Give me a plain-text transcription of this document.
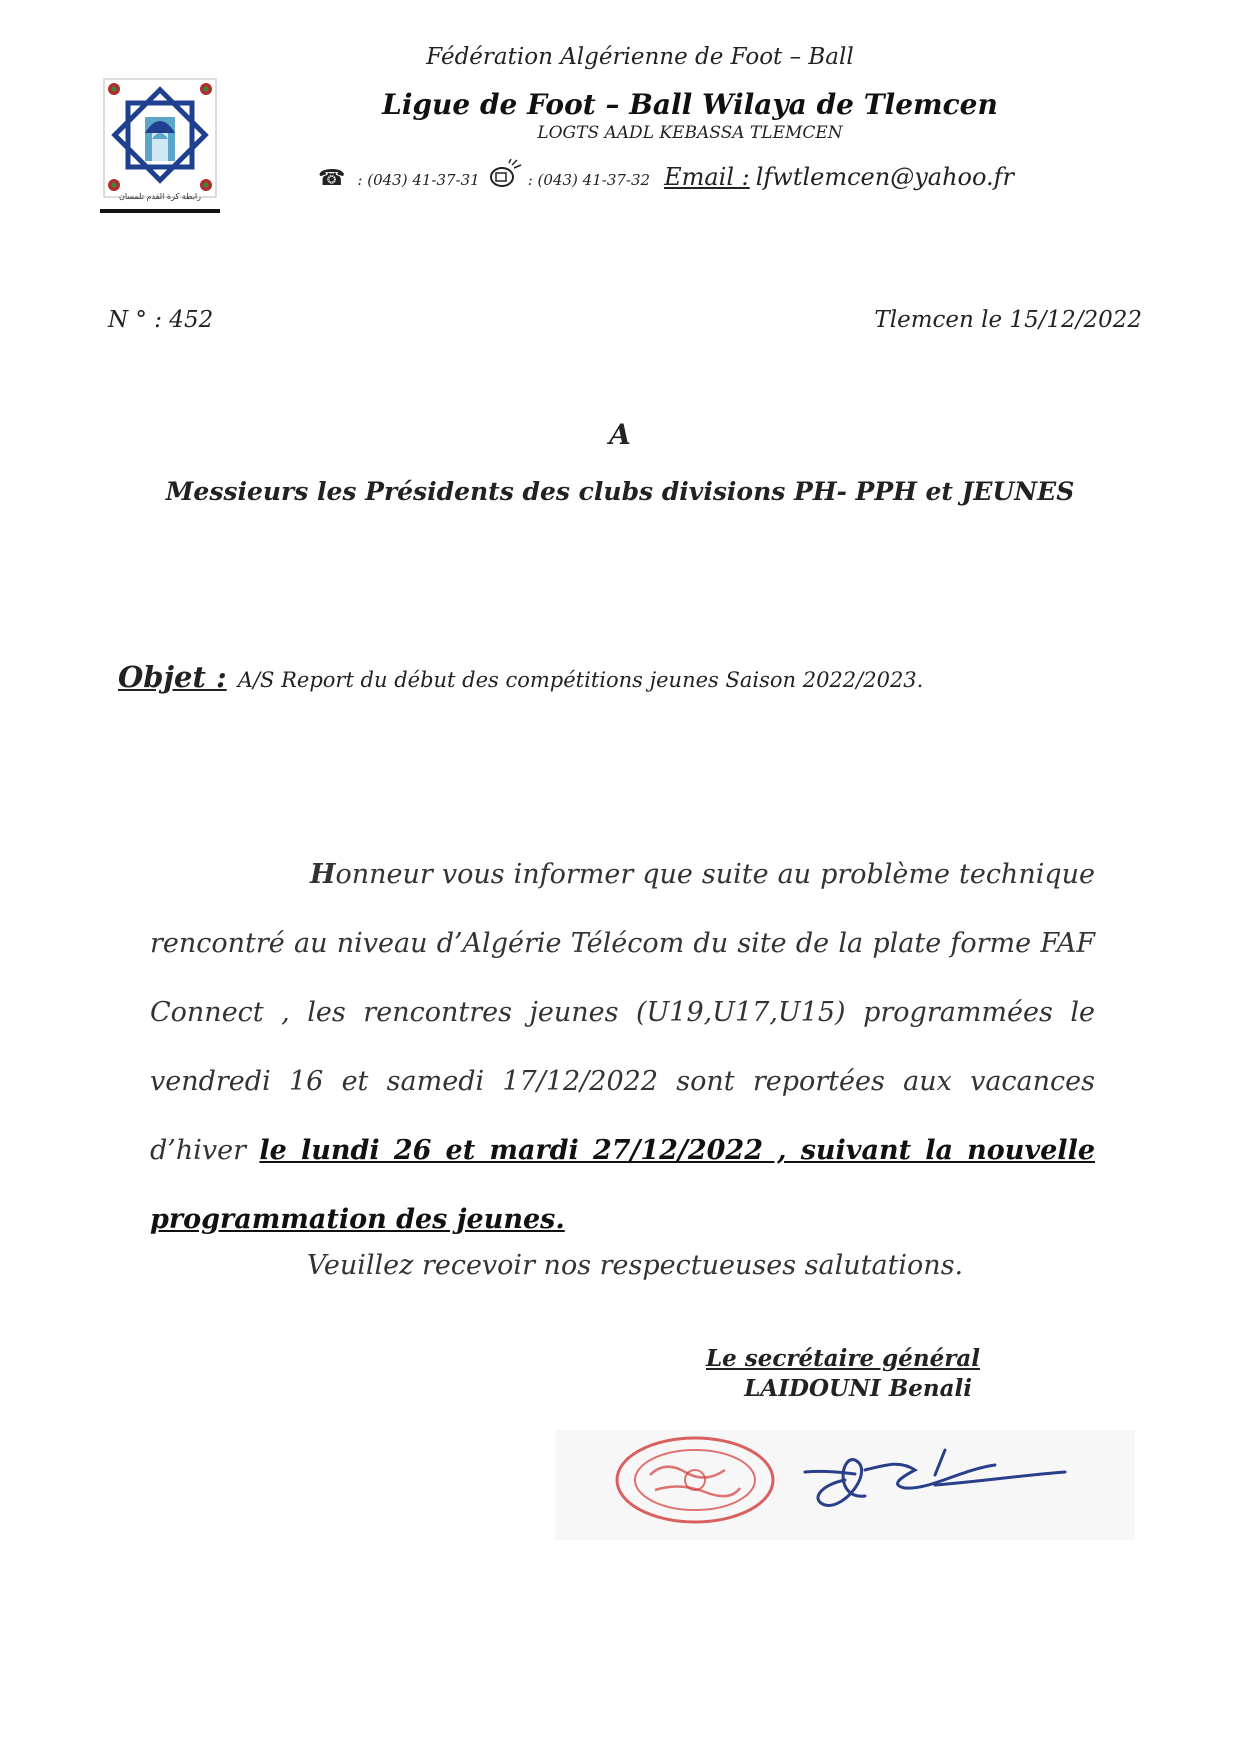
رابطة كرة القدم تلمسان
Fédération Algérienne de Foot – Ball
Ligue de Foot – Ball Wilaya de Tlemcen
LOGTS AADL KEBASSA TLEMCEN
☎ : (043) 41-37-31	: (043) 41-37-32 Email : lfwtlemcen@yahoo.fr
N ° : 452	Tlemcen le 15/12/2022
A
Messieurs les Présidents des clubs divisions PH- PPH et JEUNES
Objet : A/S Report du début des compétitions jeunes Saison 2022/2023.
Honneur vous informer que suite au problème technique rencontré au niveau d’Algérie Télécom du site de la plate forme FAF Connect , les rencontres jeunes (U19,U17,U15) programmées le vendredi 16 et samedi 17/12/2022 sont reportées aux vacances d’hiver le lundi 26 et mardi 27/12/2022 , suivant la nouvelle programmation des jeunes.
Veuillez recevoir nos respectueuses salutations.
Le secrétaire général
LAIDOUNI Benali
